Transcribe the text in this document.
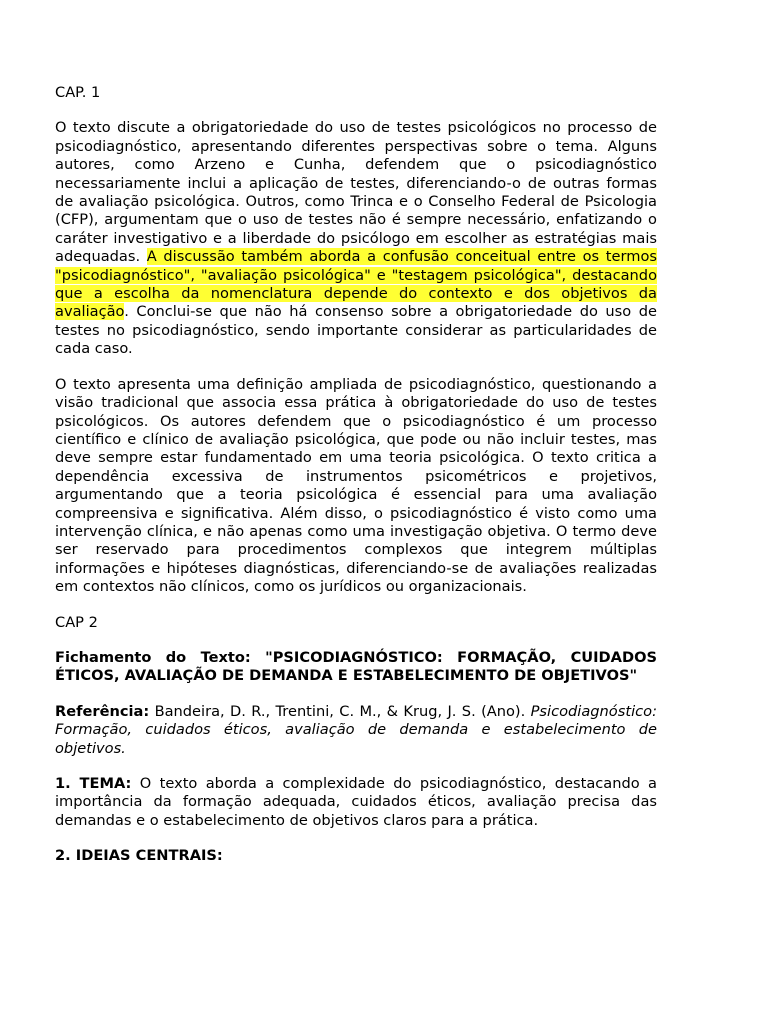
CAP. 1

O texto discute a obrigatoriedade do uso de testes psicológicos no processo de psicodiagnóstico, apresentando diferentes perspectivas sobre o tema. Alguns autores, como Arzeno e Cunha, defendem que o psicodiagnóstico necessariamente inclui a aplicação de testes, diferenciando-o de outras formas de avaliação psicológica. Outros, como Trinca e o Conselho Federal de Psicologia (CFP), argumentam que o uso de testes não é sempre necessário, enfatizando o caráter investigativo e a liberdade do psicólogo em escolher as estratégias mais adequadas. A discussão também aborda a confusão conceitual entre os termos "psicodiagnóstico", "avaliação psicológica" e "testagem psicológica", destacando que a escolha da nomenclatura depende do contexto e dos objetivos da avaliação. Conclui-se que não há consenso sobre a obrigatoriedade do uso de testes no psicodiagnóstico, sendo importante considerar as particularidades de cada caso.

O texto apresenta uma definição ampliada de psicodiagnóstico, questionando a visão tradicional que associa essa prática à obrigatoriedade do uso de testes psicológicos. Os autores defendem que o psicodiagnóstico é um processo científico e clínico de avaliação psicológica, que pode ou não incluir testes, mas deve sempre estar fundamentado em uma teoria psicológica. O texto critica a dependência excessiva de instrumentos psicométricos e projetivos, argumentando que a teoria psicológica é essencial para uma avaliação compreensiva e significativa. Além disso, o psicodiagnóstico é visto como uma intervenção clínica, e não apenas como uma investigação objetiva. O termo deve ser reservado para procedimentos complexos que integrem múltiplas informações e hipóteses diagnósticas, diferenciando-se de avaliações realizadas em contextos não clínicos, como os jurídicos ou organizacionais.

CAP 2

Fichamento do Texto: "PSICODIAGNÓSTICO: FORMAÇÃO, CUIDADOS ÉTICOS, AVALIAÇÃO DE DEMANDA E ESTABELECIMENTO DE OBJETIVOS"

Referência: Bandeira, D. R., Trentini, C. M., & Krug, J. S. (Ano). Psicodiagnóstico: Formação, cuidados éticos, avaliação de demanda e estabelecimento de objetivos.

1. TEMA: O texto aborda a complexidade do psicodiagnóstico, destacando a importância da formação adequada, cuidados éticos, avaliação precisa das demandas e o estabelecimento de objetivos claros para a prática.

2. IDEIAS CENTRAIS:
